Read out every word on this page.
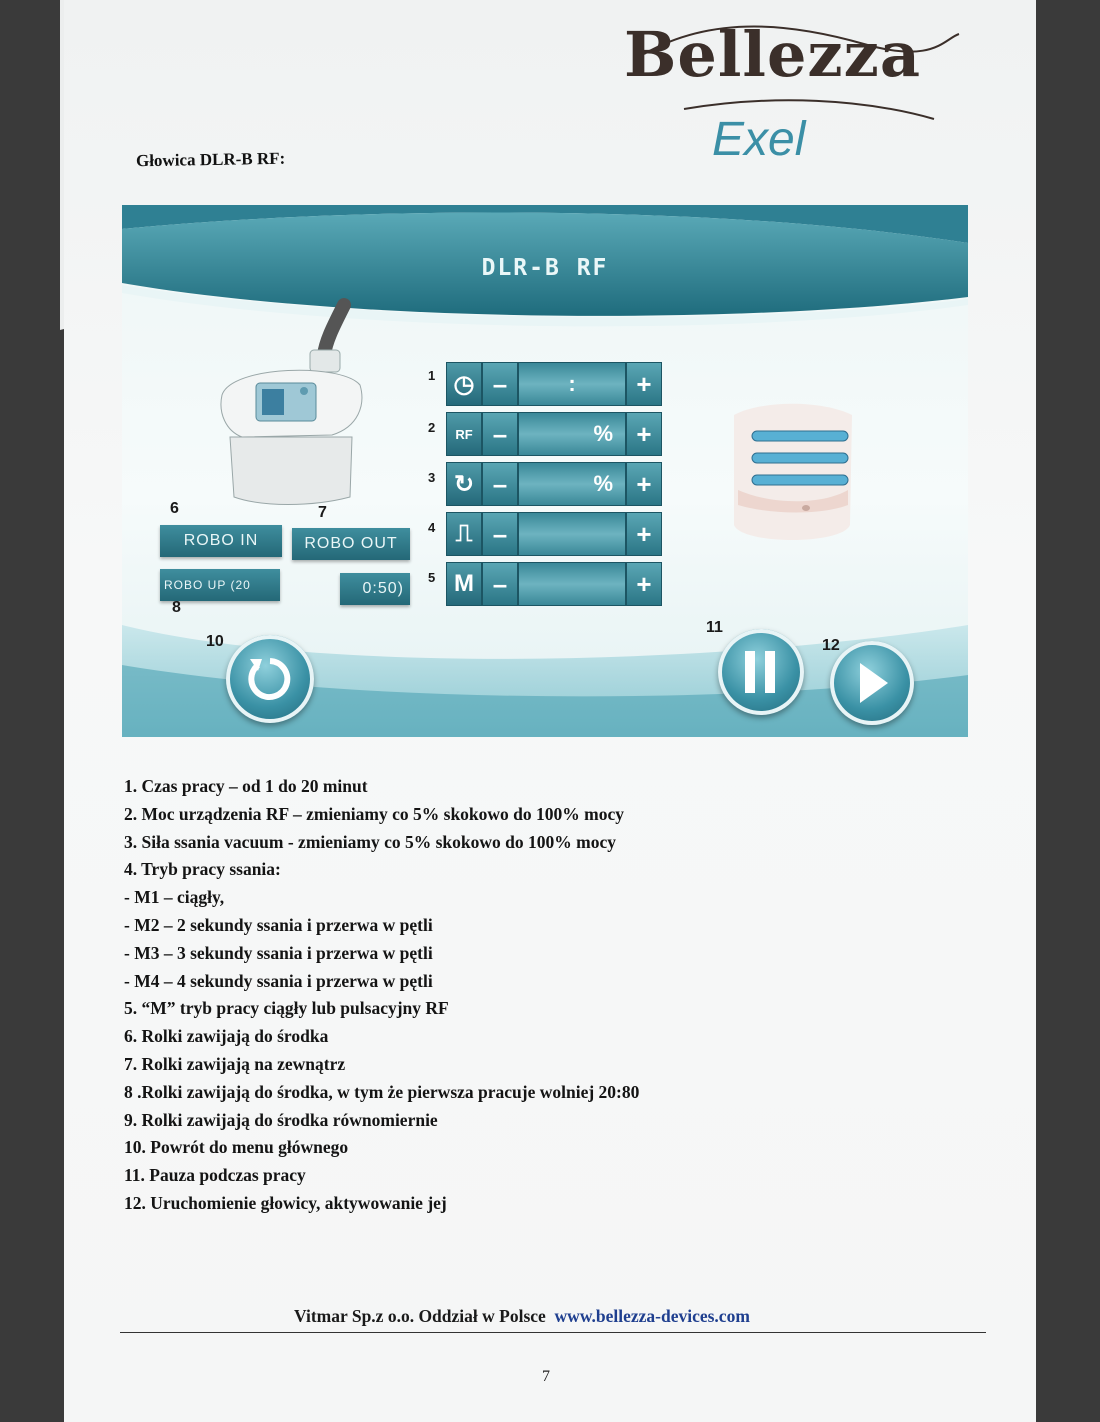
Bellezza
Exel
Głowica DLR-B RF:
DLR-B RF
1 ◷ –	:	+
2	RF –	% +
3 ↻ –	% +
4 ⎍ –	+
5 M –	+
6	7
ROBO IN	ROBO OUT
ROBO UP (20	0:50)
8
10
11
12
1. Czas pracy – od 1 do 20 minut
2. Moc urządzenia RF – zmieniamy co 5% skokowo do 100% mocy
3. Siła ssania vacuum - zmieniamy co 5% skokowo do 100% mocy
4. Tryb pracy ssania:
- M1 – ciągły,
- M2 – 2 sekundy ssania i przerwa w pętli
- M3 – 3 sekundy ssania i przerwa w pętli
- M4 – 4 sekundy ssania i przerwa w pętli
5. “M” tryb pracy ciągły lub pulsacyjny RF
6. Rolki zawijają do środka
7. Rolki zawijają na zewnątrz
8 .Rolki zawijają do środka, w tym że pierwsza pracuje wolniej 20:80
9. Rolki zawijają do środka równomiernie
10. Powrót do menu głównego
11. Pauza podczas pracy
12. Uruchomienie głowicy, aktywowanie jej
Vitmar Sp.z o.o. Oddział w Polsce www.bellezza-devices.com
7
